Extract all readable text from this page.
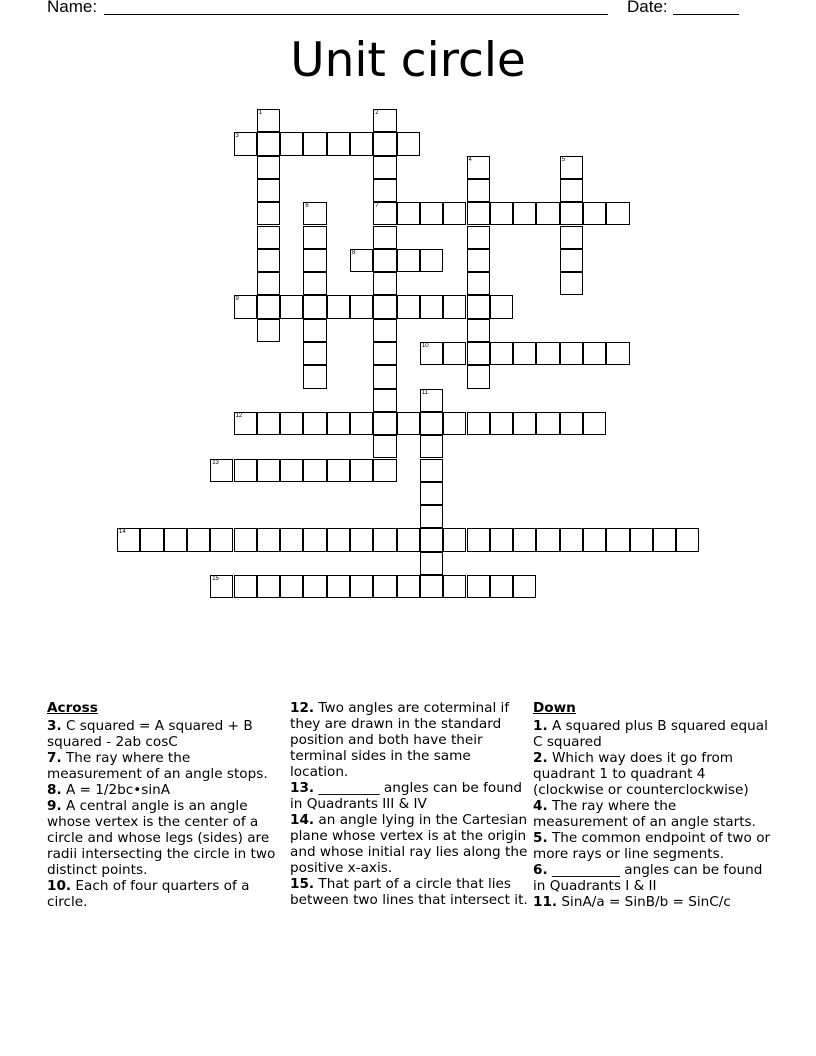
Name:	Date:
Unit circle
1	2
7
3
4	5
6
8
9
10
11
12
13
14
15
Across

3. C squared = A squared + B squared - 2ab cosC

7. The ray where the measurement of an angle stops.

8. A = 1/2bc•sinA

9. A central angle is an angle whose vertex is the center of a circle and whose legs (sides) are radii intersecting the circle in two distinct points.

10. Each of four quarters of a circle.

12. Two angles are coterminal if they are drawn in the standard position and both have their terminal sides in the same location.

13. _________ angles can be found in Quadrants III & IV

14. an angle lying in the Cartesian plane whose vertex is at the origin and whose initial ray lies along the positive x-axis.

15. That part of a circle that lies between two lines that intersect it.

Down

1. A squared plus B squared equal C squared

2. Which way does it go from quadrant 1 to quadrant 4 (clockwise or counterclockwise)

4. The ray where the measurement of an angle starts.

5. The common endpoint of two or more rays or line segments.

6. __________ angles can be found in Quadrants I & II

11. SinA/a = SinB/b = SinC/c
